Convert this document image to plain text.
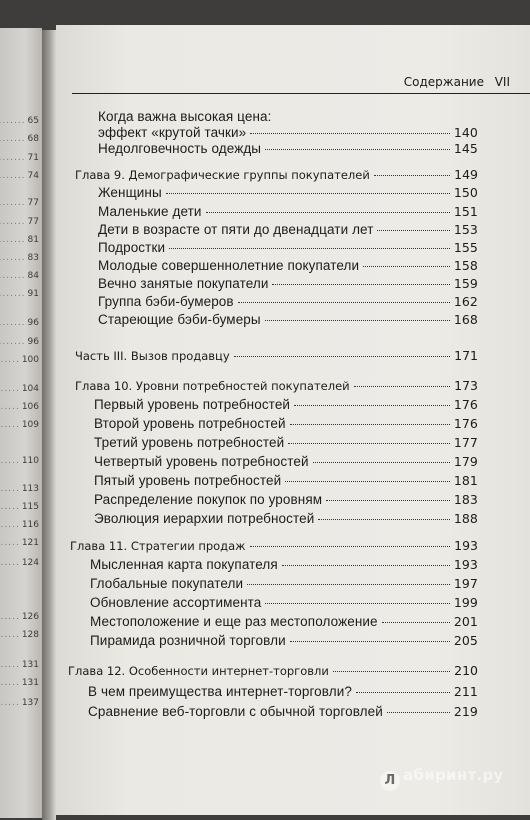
..... 65
..... 68
..... 71
..... 74
..... 77
..... 77
..... 81
..... 83
..... 84
..... 91
..... 96
..... 96
..... 100
..... 104
..... 106
..... 109
..... 110
..... 113
..... 115
..... 116
..... 121
..... 124
..... 126
..... 128
..... 131
..... 131
..... 137
Содержание VII
Когда важна высокая цена:
эффект «крутой тачки»	140
Недолговечность одежды	145
Глава 9. Демографические группы покупателей	149
Женщины	150
Маленькие дети	151
Дети в возрасте от пяти до двенадцати лет	153
Подростки	155
Молодые совершеннолетние покупатели	158
Вечно занятые покупатели	159
Группа бэби-бумеров	162
Стареющие бэби-бумеры	168
Часть III. Вызов продавцу	171
Глава 10. Уровни потребностей покупателей	173
Первый уровень потребностей	176
Второй уровень потребностей	176
Третий уровень потребностей	177
Четвертый уровень потребностей	179
Пятый уровень потребностей	181
Распределение покупок по уровням	183
Эволюция иерархии потребностей	188
Глава 11. Стратегии продаж	193
Мысленная карта покупателя	193
Глобальные покупатели	197
Обновление ассортимента	199
Местоположение и еще раз местоположение	201
Пирамида розничной торговли	205
Глава 12. Особенности интернет-торговли	210
В чем преимущества интернет-торговли?	211
Сравнение веб-торговли с обычной торговлей	219
Л абиринт.ру
